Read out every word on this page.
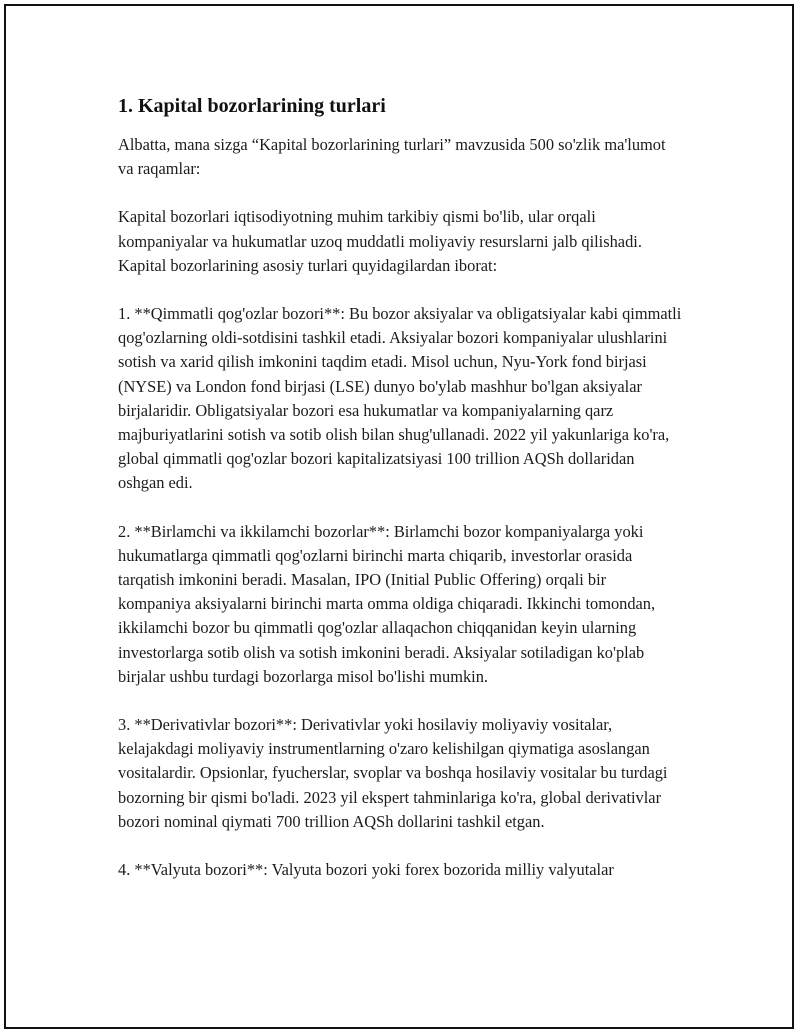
1. Kapital bozorlarining turlari

Albatta, mana sizga “Kapital bozorlarining turlari” mavzusida 500 so'zlik ma'lumot va raqamlar:

Kapital bozorlari iqtisodiyotning muhim tarkibiy qismi bo'lib, ular orqali kompaniyalar va hukumatlar uzoq muddatli moliyaviy resurslarni jalb qilishadi. Kapital bozorlarining asosiy turlari quyidagilardan iborat:

1. **Qimmatli qog'ozlar bozori**: Bu bozor aksiyalar va obligatsiyalar kabi qimmatli qog'ozlarning oldi-sotdisini tashkil etadi. Aksiyalar bozori kompaniyalar ulushlarini sotish va xarid qilish imkonini taqdim etadi. Misol uchun, Nyu-York fond birjasi (NYSE) va London fond birjasi (LSE) dunyo bo'ylab mashhur bo'lgan aksiyalar birjalaridir. Obligatsiyalar bozori esa hukumatlar va kompaniyalarning qarz majburiyatlarini sotish va sotib olish bilan shug'ullanadi. 2022 yil yakunlariga ko'ra, global qimmatli qog'ozlar bozori kapitalizatsiyasi 100 trillion AQSh dollaridan oshgan edi.

2. **Birlamchi va ikkilamchi bozorlar**: Birlamchi bozor kompaniyalarga yoki hukumatlarga qimmatli qog'ozlarni birinchi marta chiqarib, investorlar orasida tarqatish imkonini beradi. Masalan, IPO (Initial Public Offering) orqali bir kompaniya aksiyalarni birinchi marta omma oldiga chiqaradi. Ikkinchi tomondan, ikkilamchi bozor bu qimmatli qog'ozlar allaqachon chiqqanidan keyin ularning investorlarga sotib olish va sotish imkonini beradi. Aksiyalar sotiladigan ko'plab birjalar ushbu turdagi bozorlarga misol bo'lishi mumkin.

3. **Derivativlar bozori**: Derivativlar yoki hosilaviy moliyaviy vositalar, kelajakdagi moliyaviy instrumentlarning o'zaro kelishilgan qiymatiga asoslangan vositalardir. Opsionlar, fyucherslar, svoplar va boshqa hosilaviy vositalar bu turdagi bozorning bir qismi bo'ladi. 2023 yil ekspert tahminlariga ko'ra, global derivativlar bozori nominal qiymati 700 trillion AQSh dollarini tashkil etgan.

4. **Valyuta bozori**: Valyuta bozori yoki forex bozorida milliy valyutalar
